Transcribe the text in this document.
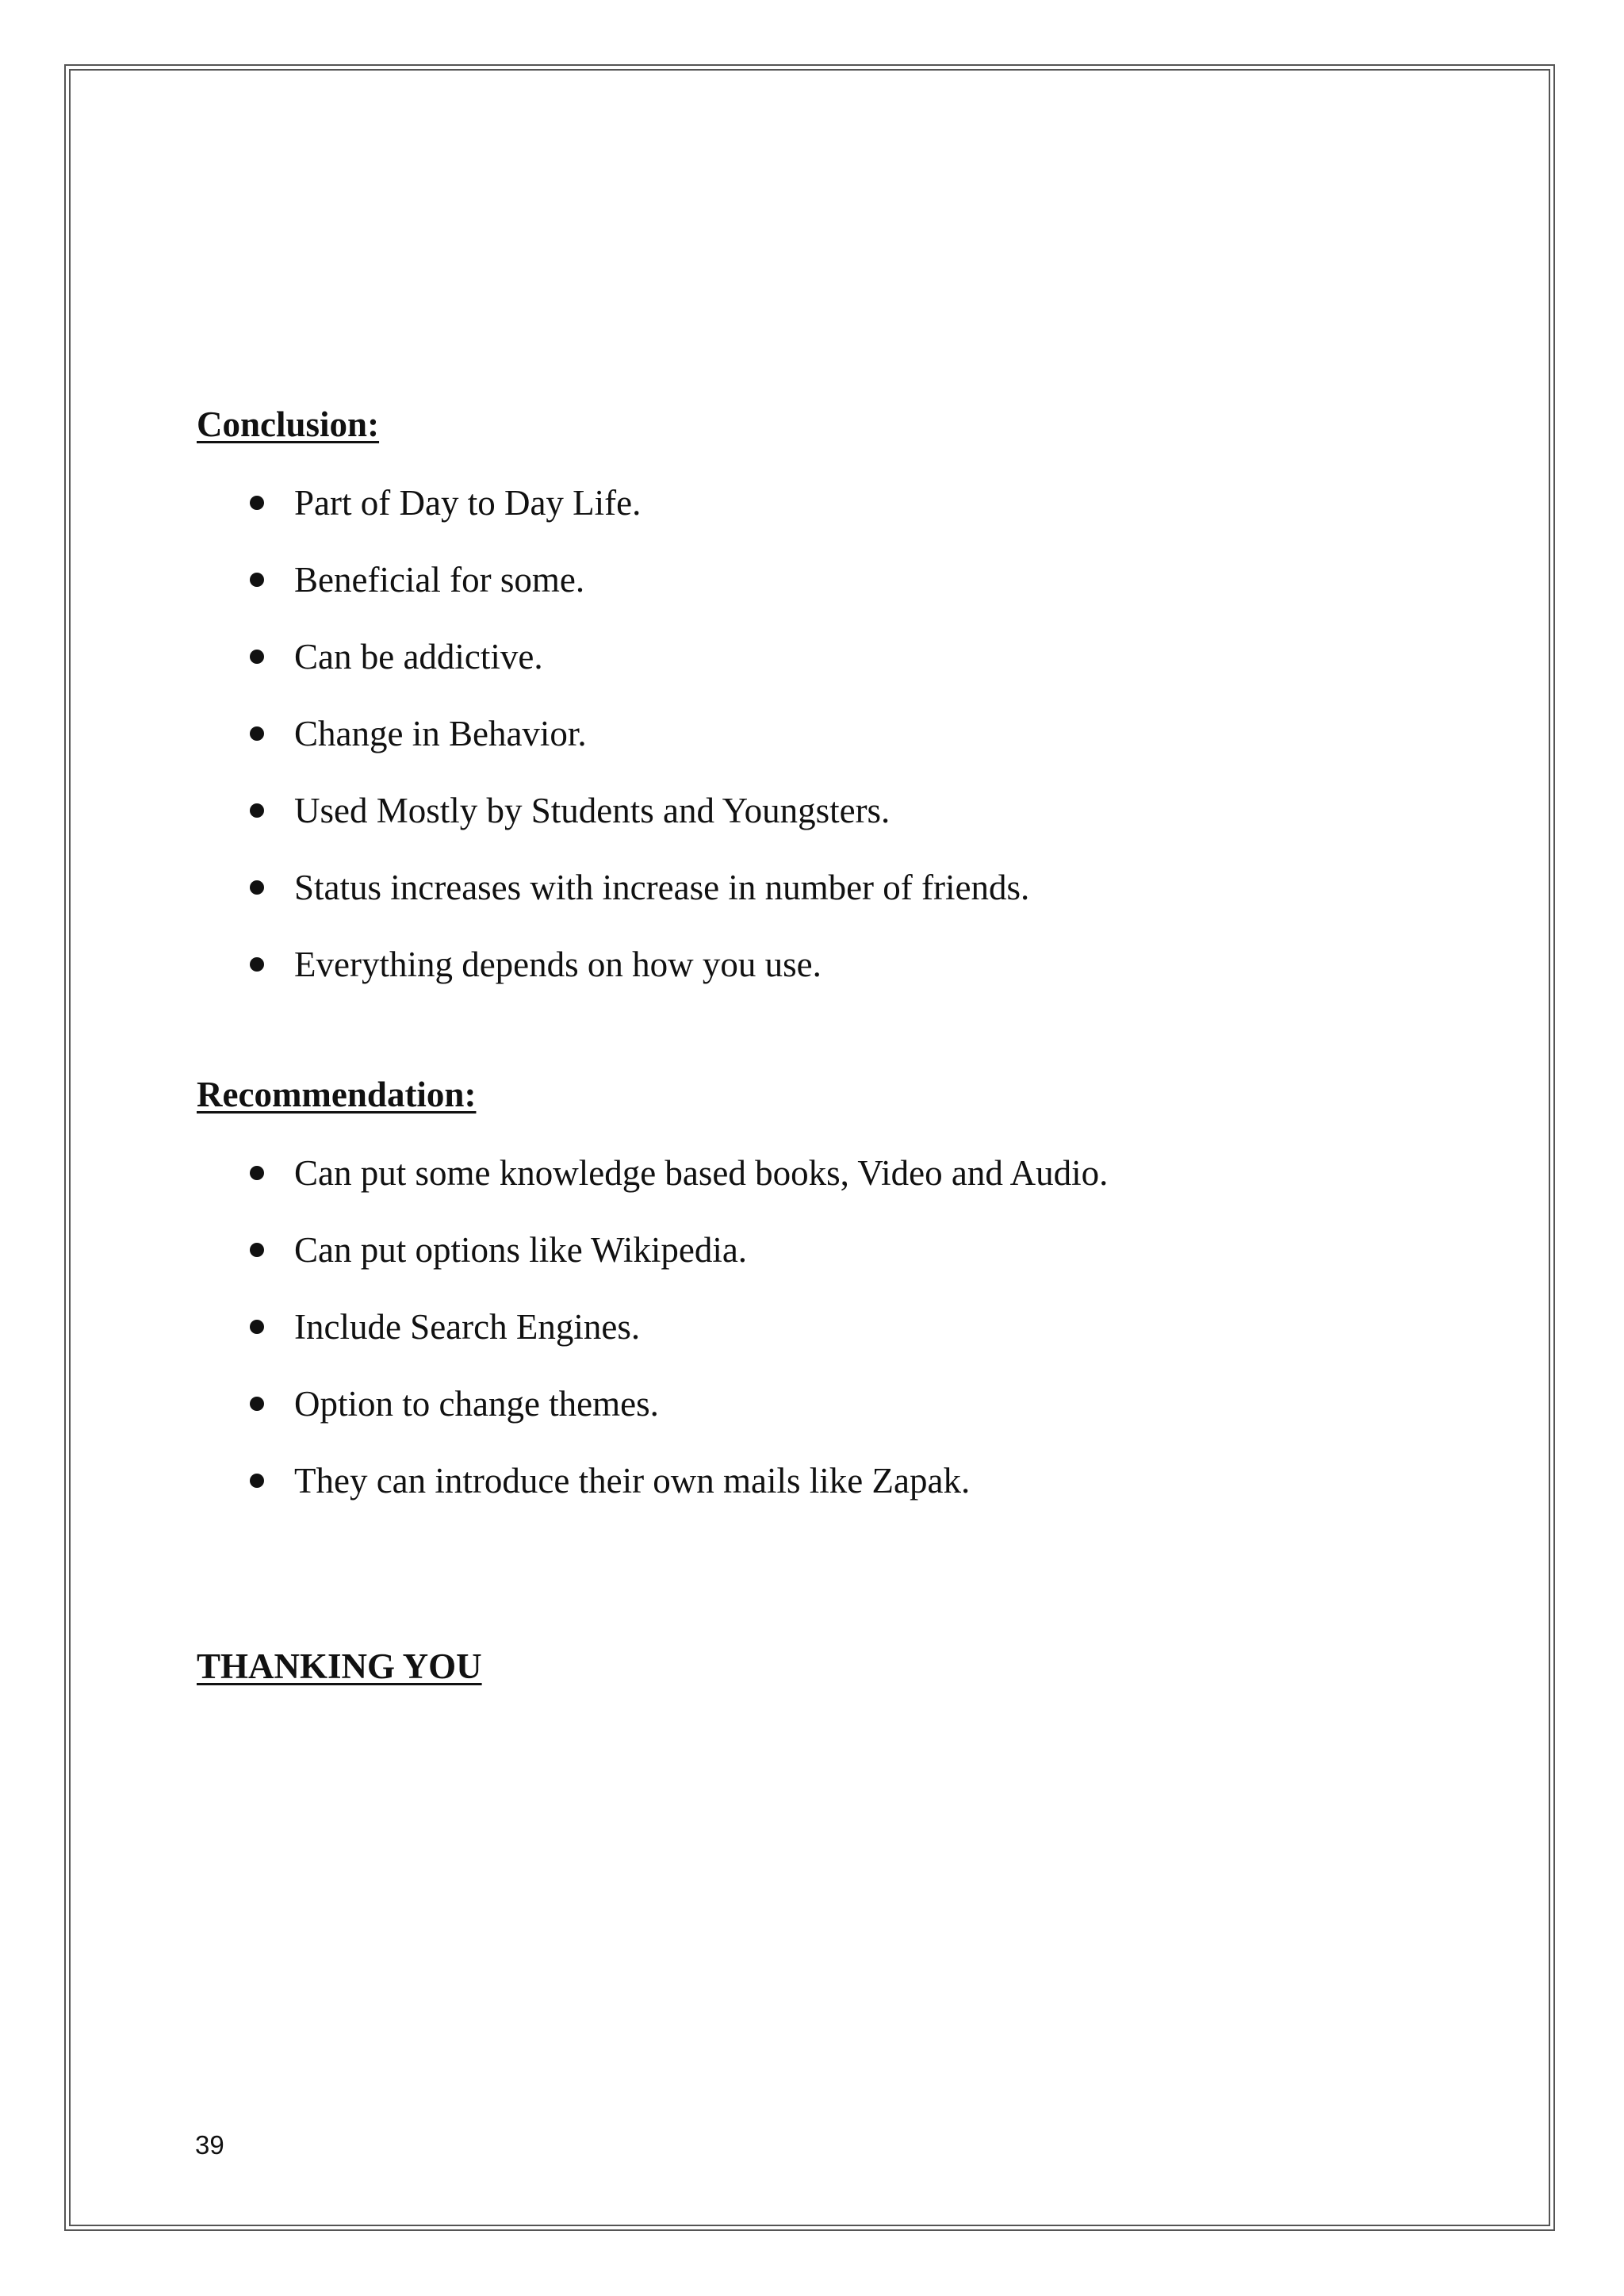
Conclusion:
Part of Day to Day Life.
Beneficial for some.
Can be addictive.
Change in Behavior.
Used Mostly by Students and Youngsters.
Status increases with increase in number of friends.
Everything depends on how you use.
Recommendation:
Can put some knowledge based books, Video and Audio.
Can put options like Wikipedia.
Include Search Engines.
Option to change themes.
They can introduce their own mails like Zapak.
THANKING YOU
39
